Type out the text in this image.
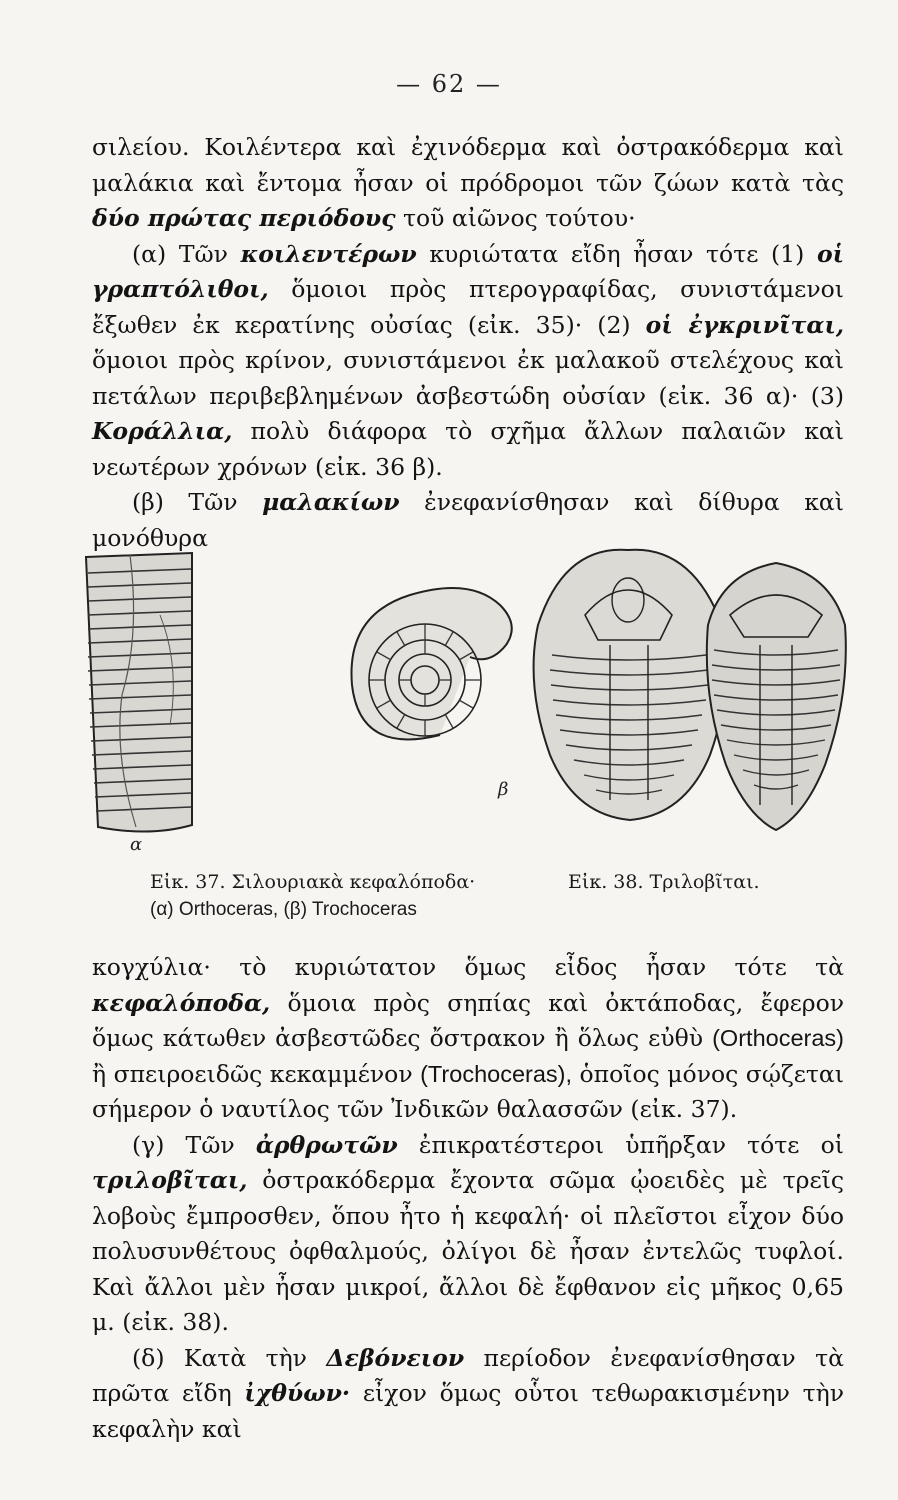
— 62 —

σιλείου. Κοιλέντερα καὶ ἐχινόδερμα καὶ ὀστρακόδερμα καὶ μαλάκια καὶ ἔντομα ἦσαν οἱ πρόδρομοι τῶν ζώων κατὰ τὰς δύο πρώτας περιόδους τοῦ αἰῶνος τούτου·

(α) Τῶν κοιλεντέρων κυριώτατα εἴδη ἦσαν τότε (1) οἱ γραπτόλιθοι, ὅμοιοι πρὸς πτερογραφίδας, συνιστάμενοι ἔξωθεν ἐκ κερατίνης οὐσίας (εἰκ. 35)· (2) οἱ ἐγκρινῖται, ὅμοιοι πρὸς κρίνον, συνιστάμενοι ἐκ μαλακοῦ στελέχους καὶ πετάλων περιβεβλημένων ἀσβεστώδη οὐσίαν (εἰκ. 36 α)· (3) Κοράλλια, πολὺ διάφορα τὸ σχῆμα ἄλλων παλαιῶν καὶ νεωτέρων χρόνων (εἰκ. 36 β).

(β) Τῶν μαλακίων ἐνεφανίσθησαν καὶ δίθυρα καὶ μονόθυρα

α
β
Εἰκ. 37. Σιλουριακὰ κεφαλόποδα·
(α) Orthoceras, (β) Trochoceras
Εἰκ. 38. Τριλοβῖται.

κογχύλια· τὸ κυριώτατον ὅμως εἶδος ἦσαν τότε τὰ κεφαλόποδα, ὅμοια πρὸς σηπίας καὶ ὀκτάποδας, ἔφερον ὅμως κάτωθεν ἀσβεστῶδες ὄστρακον ἢ ὅλως εὐθὺ (Orthoceras) ἢ σπειροειδῶς κεκαμμένον (Trochoceras), ὁποῖος μόνος σῴζεται σήμερον ὁ ναυτίλος τῶν Ἰνδικῶν θαλασσῶν (εἰκ. 37).

(γ) Τῶν ἀρθρωτῶν ἐπικρατέστεροι ὑπῆρξαν τότε οἱ τριλοβῖται, ὀστρακόδερμα ἔχοντα σῶμα ᾠοειδὲς μὲ τρεῖς λοβοὺς ἔμπροσθεν, ὅπου ἦτο ἡ κεφαλή· οἱ πλεῖστοι εἶχον δύο πολυσυνθέτους ὀφθαλμούς, ὀλίγοι δὲ ἦσαν ἐντελῶς τυφλοί. Καὶ ἄλλοι μὲν ἦσαν μικροί, ἄλλοι δὲ ἔφθανον εἰς μῆκος 0,65 μ. (εἰκ. 38).

(δ) Κατὰ τὴν Δεβόνειον περίοδον ἐνεφανίσθησαν τὰ πρῶτα εἴδη ἰχθύων· εἶχον ὅμως οὗτοι τεθωρακισμένην τὴν κεφαλὴν καὶ
